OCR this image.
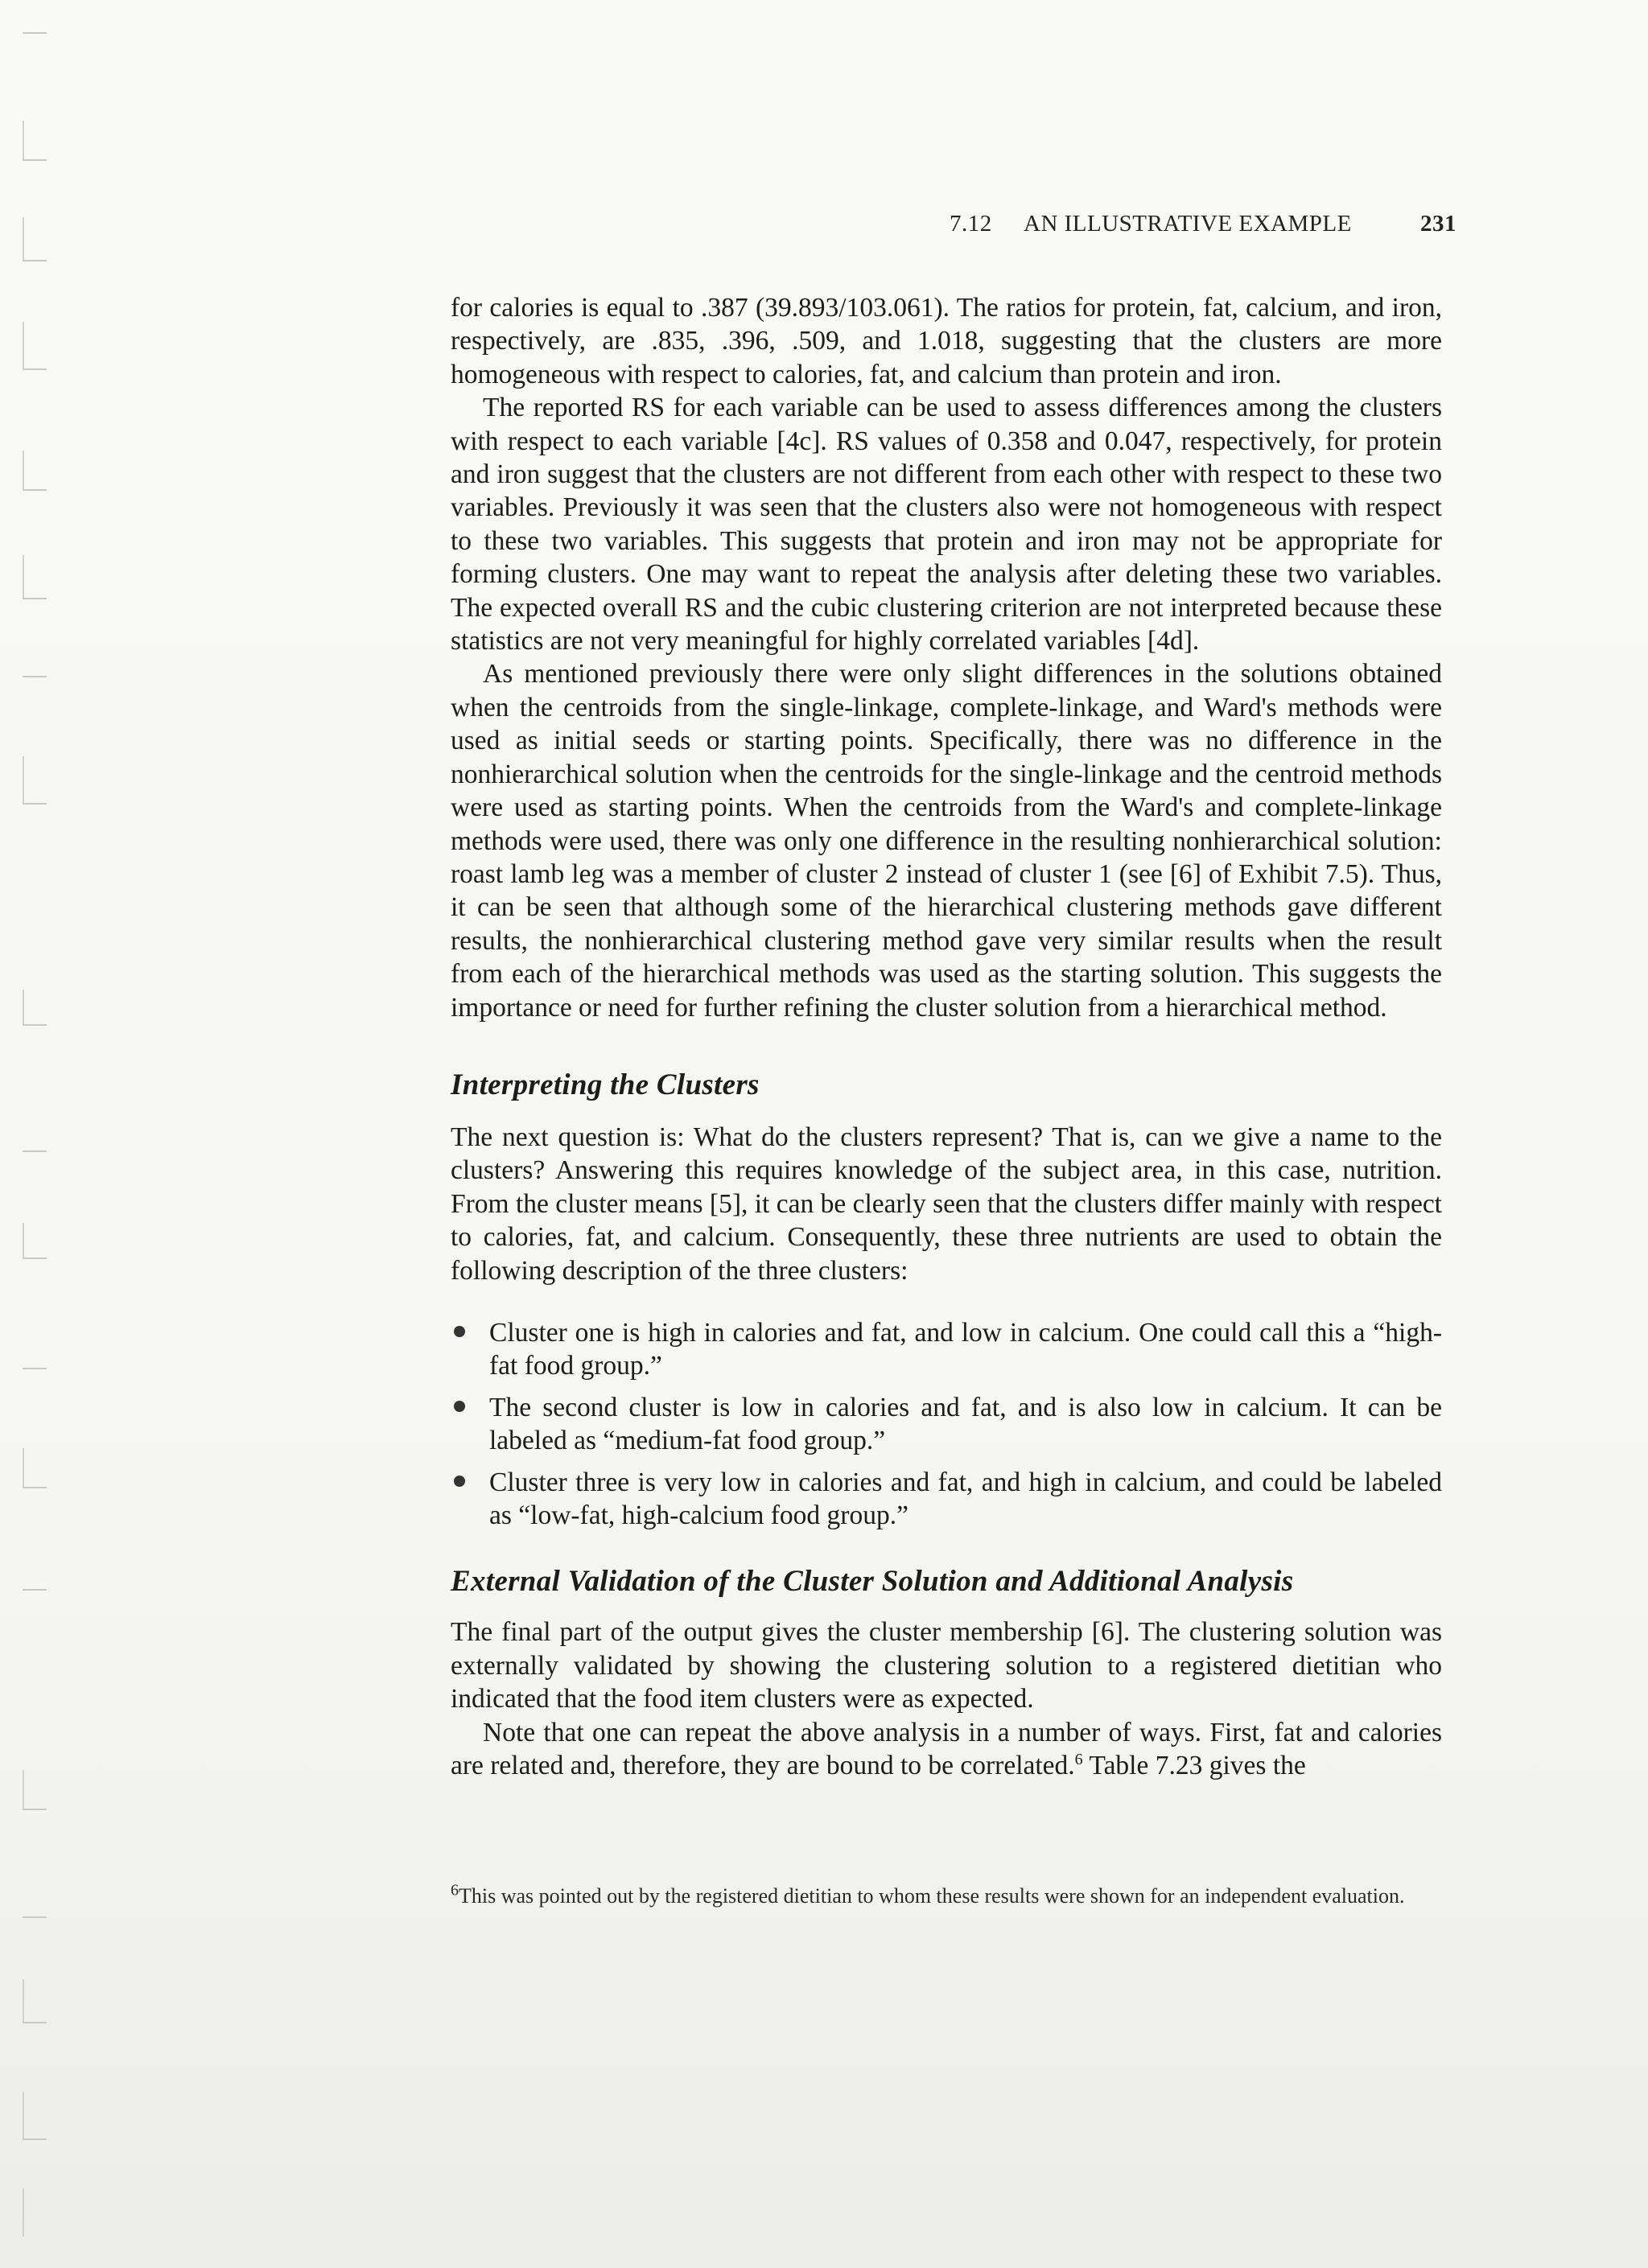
7.12 AN ILLUSTRATIVE EXAMPLE	231

for calories is equal to .387 (39.893/103.061). The ratios for protein, fat, calcium, and iron, respectively, are .835, .396, .509, and 1.018, suggesting that the clusters are more homogeneous with respect to calories, fat, and calcium than protein and iron.

The reported RS for each variable can be used to assess differences among the clusters with respect to each variable [4c]. RS values of 0.358 and 0.047, respectively, for protein and iron suggest that the clusters are not different from each other with respect to these two variables. Previously it was seen that the clusters also were not homogeneous with respect to these two variables. This suggests that protein and iron may not be appropriate for forming clusters. One may want to repeat the analysis after deleting these two variables. The expected overall RS and the cubic clustering criterion are not interpreted because these statistics are not very meaningful for highly correlated variables [4d].

As mentioned previously there were only slight differences in the solutions obtained when the centroids from the single-linkage, complete-linkage, and Ward's methods were used as initial seeds or starting points. Specifically, there was no difference in the nonhierarchical solution when the centroids for the single-linkage and the centroid methods were used as starting points. When the centroids from the Ward's and complete-linkage methods were used, there was only one difference in the resulting nonhierarchical solution: roast lamb leg was a member of cluster 2 instead of cluster 1 (see [6] of Exhibit 7.5). Thus, it can be seen that although some of the hierarchical clustering methods gave different results, the nonhierarchical clustering method gave very similar results when the result from each of the hierarchical methods was used as the starting solution. This suggests the importance or need for further refining the cluster solution from a hierarchical method.

Interpreting the Clusters

The next question is: What do the clusters represent? That is, can we give a name to the clusters? Answering this requires knowledge of the subject area, in this case, nutrition. From the cluster means [5], it can be clearly seen that the clusters differ mainly with respect to calories, fat, and calcium. Consequently, these three nutrients are used to obtain the following description of the three clusters:

Cluster one is high in calories and fat, and low in calcium. One could call this a “high-fat food group.”
The second cluster is low in calories and fat, and is also low in calcium. It can be labeled as “medium-fat food group.”
Cluster three is very low in calories and fat, and high in calcium, and could be labeled as “low-fat, high-calcium food group.”
External Validation of the Cluster Solution and Additional Analysis

The final part of the output gives the cluster membership [6]. The clustering solution was externally validated by showing the clustering solution to a registered dietitian who indicated that the food item clusters were as expected.

Note that one can repeat the above analysis in a number of ways. First, fat and calories are related and, therefore, they are bound to be correlated.$^6$ Table 7.23 gives the

$^6$This was pointed out by the registered dietitian to whom these results were shown for an independent evaluation.
